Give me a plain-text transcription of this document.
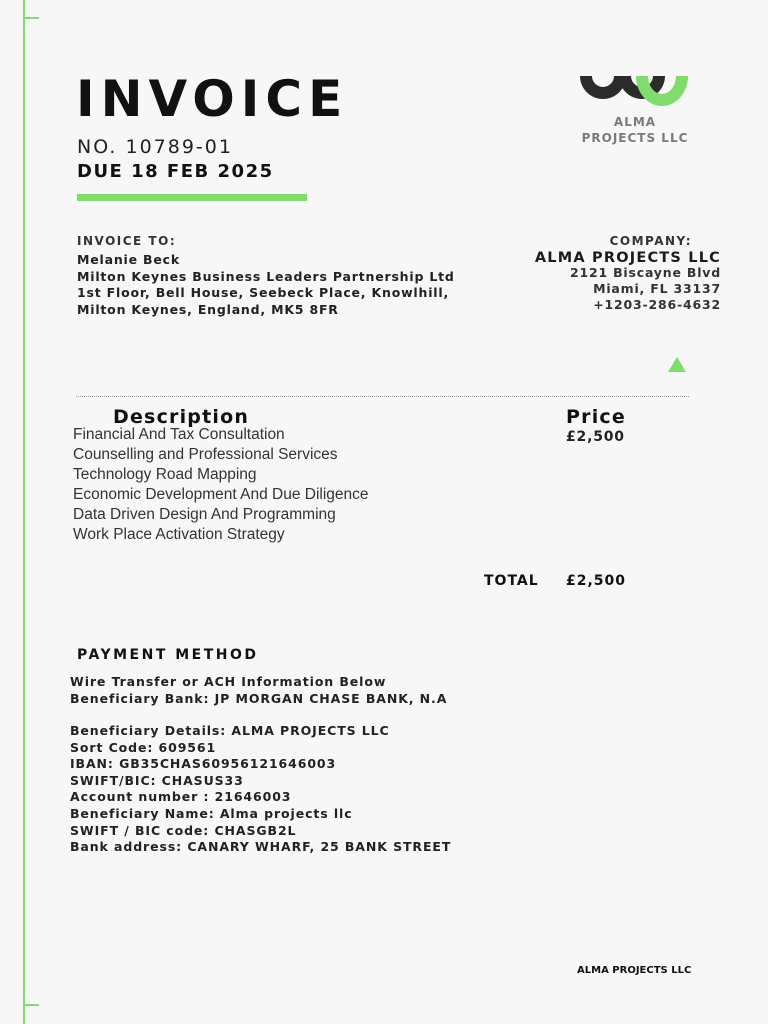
INVOICE
NO. 10789-01
DUE 18 FEB 2025
ALMA
PROJECTS LLC
INVOICE TO:
Melanie Beck
Milton Keynes Business Leaders Partnership Ltd
1st Floor, Bell House, Seebeck Place, Knowlhill,
Milton Keynes, England, MK5 8FR
COMPANY:
ALMA PROJECTS LLC
2121 Biscayne Blvd
Miami, FL 33137
+1203-286-4632
Description	Price
Financial And Tax Consultation
Counselling and Professional Services
Technology Road Mapping
Economic Development And Due Diligence
Data Driven Design And Programming
Work Place Activation Strategy
£2,500
TOTAL £2,500
PAYMENT METHOD
Wire Transfer or ACH Information Below
Beneficiary Bank: JP MORGAN CHASE BANK, N.A
Beneficiary Details: ALMA PROJECTS LLC
Sort Code: 609561
IBAN: GB35CHAS60956121646003
SWIFT/BIC: CHASUS33
Account number : 21646003
Beneficiary Name: Alma projects llc
SWIFT / BIC code: CHASGB2L
Bank address: CANARY WHARF, 25 BANK STREET
ALMA PROJECTS LLC
